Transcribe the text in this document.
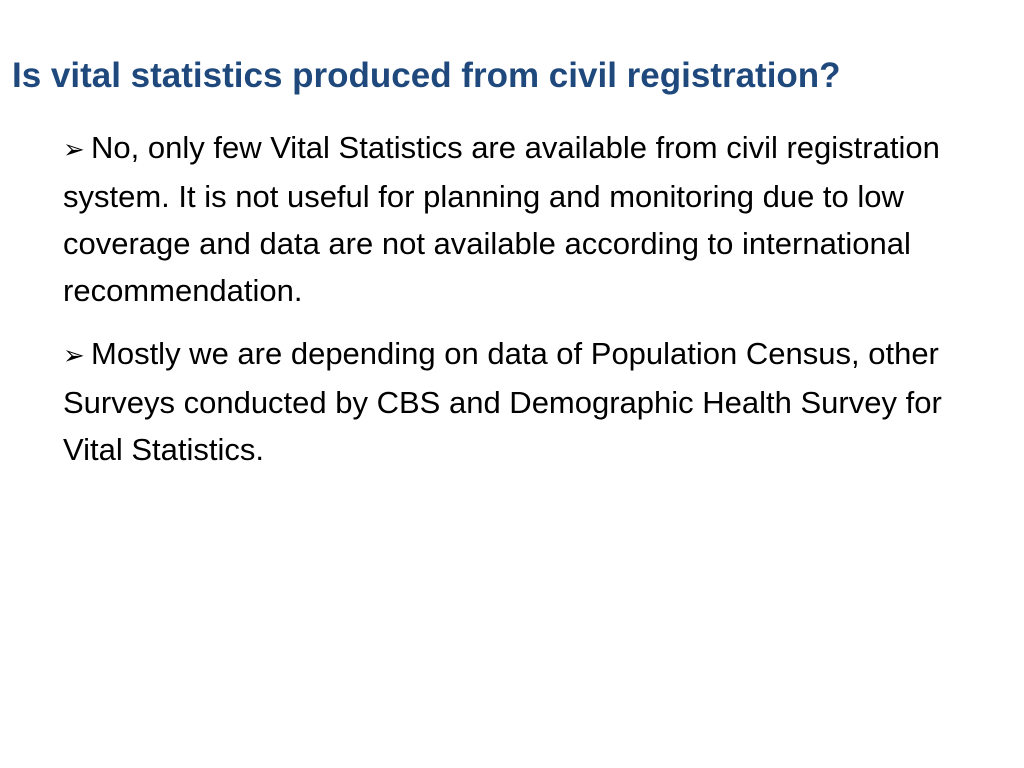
Is vital statistics produced from civil registration?
➢ No, only few Vital Statistics are available from civil registration system. It is not useful for planning and monitoring due to low coverage and data are not available according to international recommendation.
➢ Mostly we are depending on data of Population Census, other Surveys conducted by CBS and Demographic Health Survey for Vital Statistics.
